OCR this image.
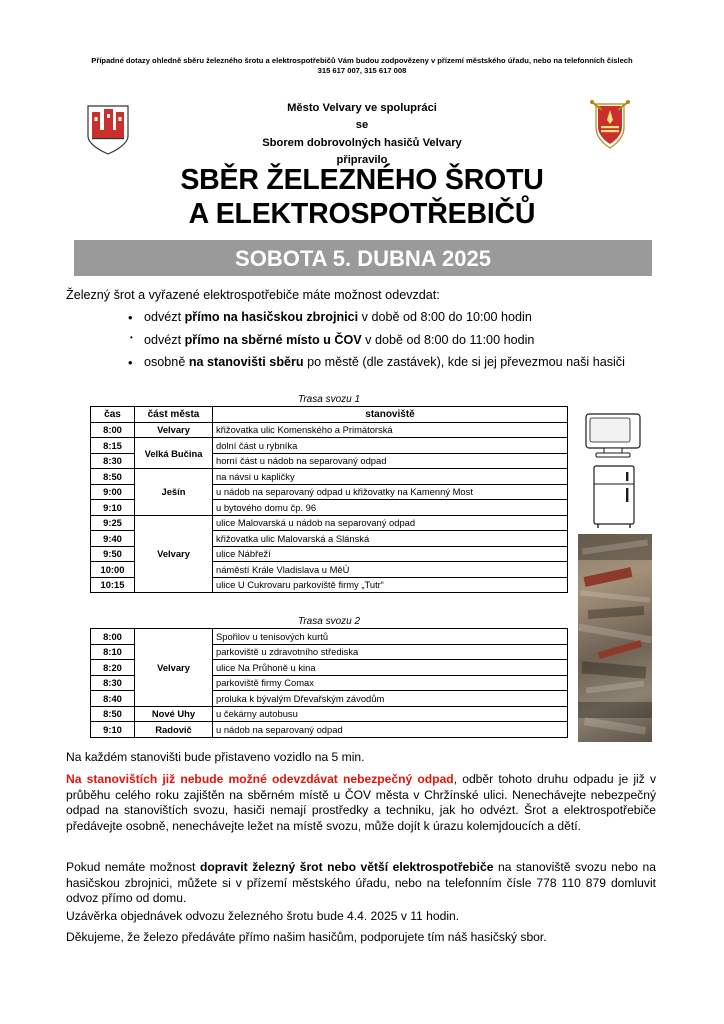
Případné dotazy ohledně sběru železného šrotu a elektrospotřebičů Vám budou zodpovězeny v přízemí městského úřadu, nebo na telefonních číslech 315 617 007, 315 617 008
Město Velvary ve spolupráci
se
Sborem dobrovolných hasičů Velvary
připravilo
SBĚR ŽELEZNÉHO ŠROTU
A ELEKTROSPOTŘEBIČŮ
SOBOTA 5. DUBNA 2025
Železný šrot a vyřazené elektrospotřebiče máte možnost odevzdat:
• odvézt přímo na hasičskou zbrojnici v době od 8:00 do 10:00 hodin
• odvézt přímo na sběrné místo u ČOV v době od 8:00 do 11:00 hodin
• osobně na stanovišti sběru po městě (dle zastávek), kde si jej převezmou naši hasiči
Trasa svozu 1
čas	část města	stanoviště
8:00	Velvary	křižovatka ulic Komenského a Primátorská
8:15	Velká Bučina	dolní část u rybníka
8:30		horní část u nádob na separovaný odpad
8:50	Ješín	na návsi u kapličky
9:00		u nádob na separovaný odpad u křižovatky na Kamenný Most
9:10		u bytového domu čp. 96
9:25	Velvary	ulice Malovarská u nádob na separovaný odpad
9:40		křižovatka ulic Malovarská a Slánská
9:50		ulice Nábřeží
10:00		náměstí Krále Vladislava u MěÚ
10:15		ulice U Cukrovaru parkoviště firmy „Tutr“
Trasa svozu 2
8:00	Velvary	Spořilov u tenisových kurtů
8:10		parkoviště u zdravotního střediska
8:20		ulice Na Průhoně u kina
8:30		parkoviště firmy Comax
8:40		proluka k bývalým Dřevařským závodům
8:50	Nové Uhy	u čekárny autobusu
9:10	Radovič	u nádob na separovaný odpad
Na každém stanovišti bude přistaveno vozidlo na 5 min.
Na stanovištích již nebude možné odevzdávat nebezpečný odpad, odběr tohoto druhu odpadu je již v průběhu celého roku zajištěn na sběrném místě u ČOV města v Chržínské ulici. Nenechávejte nebezpečný odpad na stanovištích svozu, hasiči nemají prostředky a techniku, jak ho odvézt. Šrot a elektrospotřebiče předávejte osobně, nenechávejte ležet na místě svozu, může dojít k úrazu kolemjdoucích a dětí.
Pokud nemáte možnost dopravit železný šrot nebo větší elektrospotřebiče na stanoviště svozu nebo na hasičskou zbrojnici, můžete si v přízemí městského úřadu, nebo na telefonním čísle 778 110 879 domluvit odvoz přímo od domu.
Uzávěrka objednávek odvozu železného šrotu bude 4.4. 2025 v 11 hodin.
Děkujeme, že železo předáváte přímo našim hasičům, podporujete tím náš hasičský sbor.
